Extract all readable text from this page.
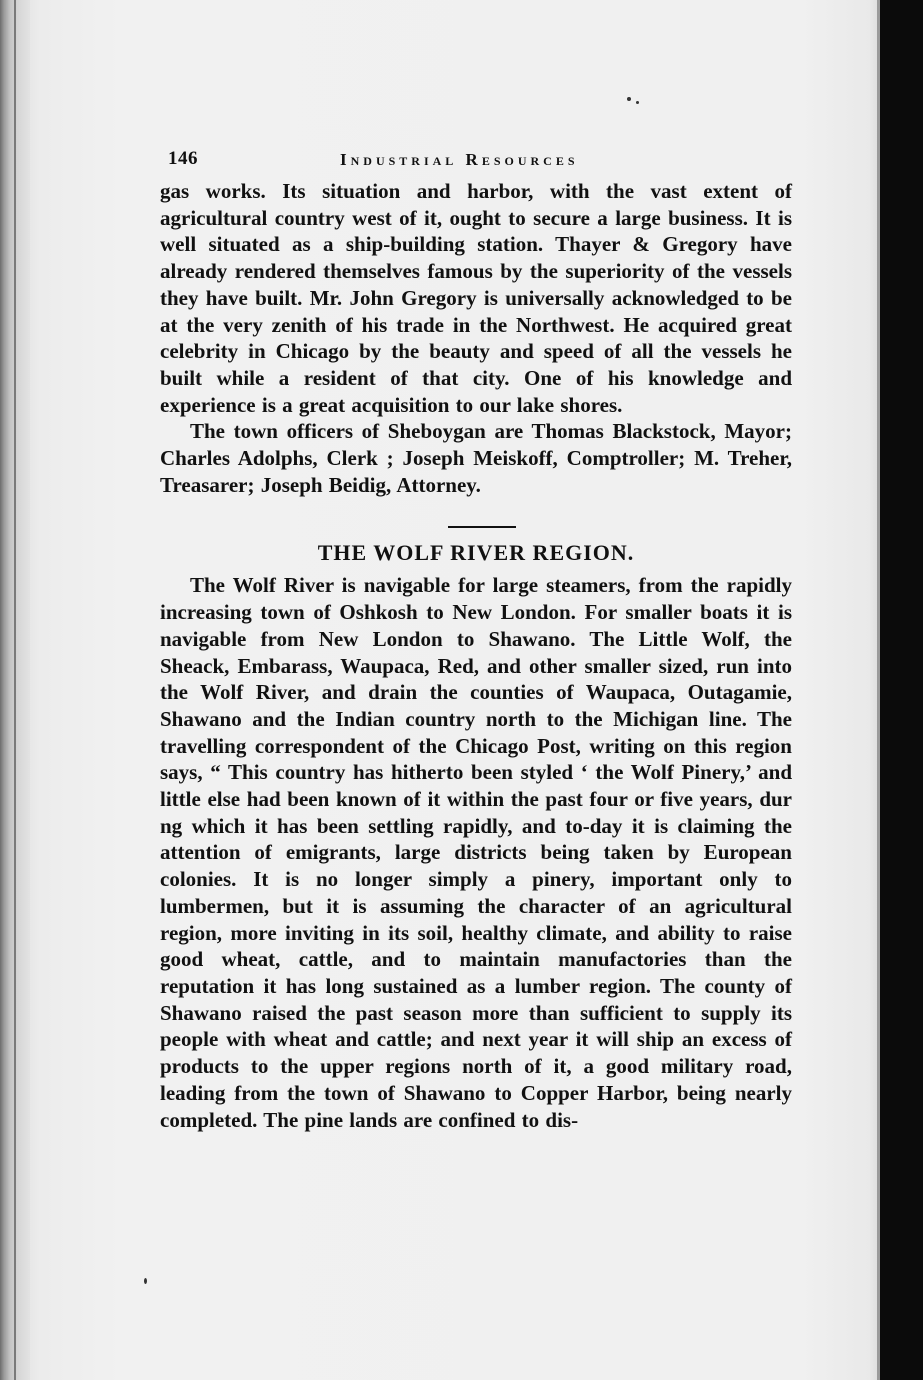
146	Industrial Resources

gas works. Its situation and harbor, with the vast extent of agricultural country west of it, ought to secure a large business. It is well situated as a ship-building station. Thayer & Gregory have already rendered themselves famous by the superiority of the vessels they have built. Mr. John Gregory is universally acknowledged to be at the very zenith of his trade in the Northwest. He acquired great celebrity in Chicago by the beauty and speed of all the vessels he built while a resident of that city. One of his knowledge and experience is a great acquisition to our lake shores.

The town officers of Sheboygan are Thomas Blackstock, Mayor; Charles Adolphs, Clerk ; Joseph Meiskoff, Comptroller; M. Treher, Treasarer; Joseph Beidig, Attorney.

THE WOLF RIVER REGION.

The Wolf River is navigable for large steamers, from the rapidly increasing town of Oshkosh to New London. For smaller boats it is navigable from New London to Shawano. The Little Wolf, the Sheack, Embarass, Waupaca, Red, and other smaller sized, run into the Wolf River, and drain the counties of Waupaca, Outagamie, Shawano and the Indian country north to the Michigan line. The travelling correspondent of the Chicago Post, writing on this region says, “ This country has hitherto been styled ‘ the Wolf Pinery,’ and little else had been known of it within the past four or five years, dur ng which it has been settling rapidly, and to-day it is claiming the attention of emigrants, large districts being taken by European colonies. It is no longer simply a pinery, important only to lumbermen, but it is assuming the character of an agricultural region, more inviting in its soil, healthy climate, and ability to raise good wheat, cattle, and to maintain manufactories than the reputation it has long sustained as a lumber region. The county of Shawano raised the past season more than sufficient to supply its people with wheat and cattle; and next year it will ship an excess of products to the upper regions north of it, a good military road, leading from the town of Shawano to Copper Harbor, being nearly completed. The pine lands are confined to dis-
